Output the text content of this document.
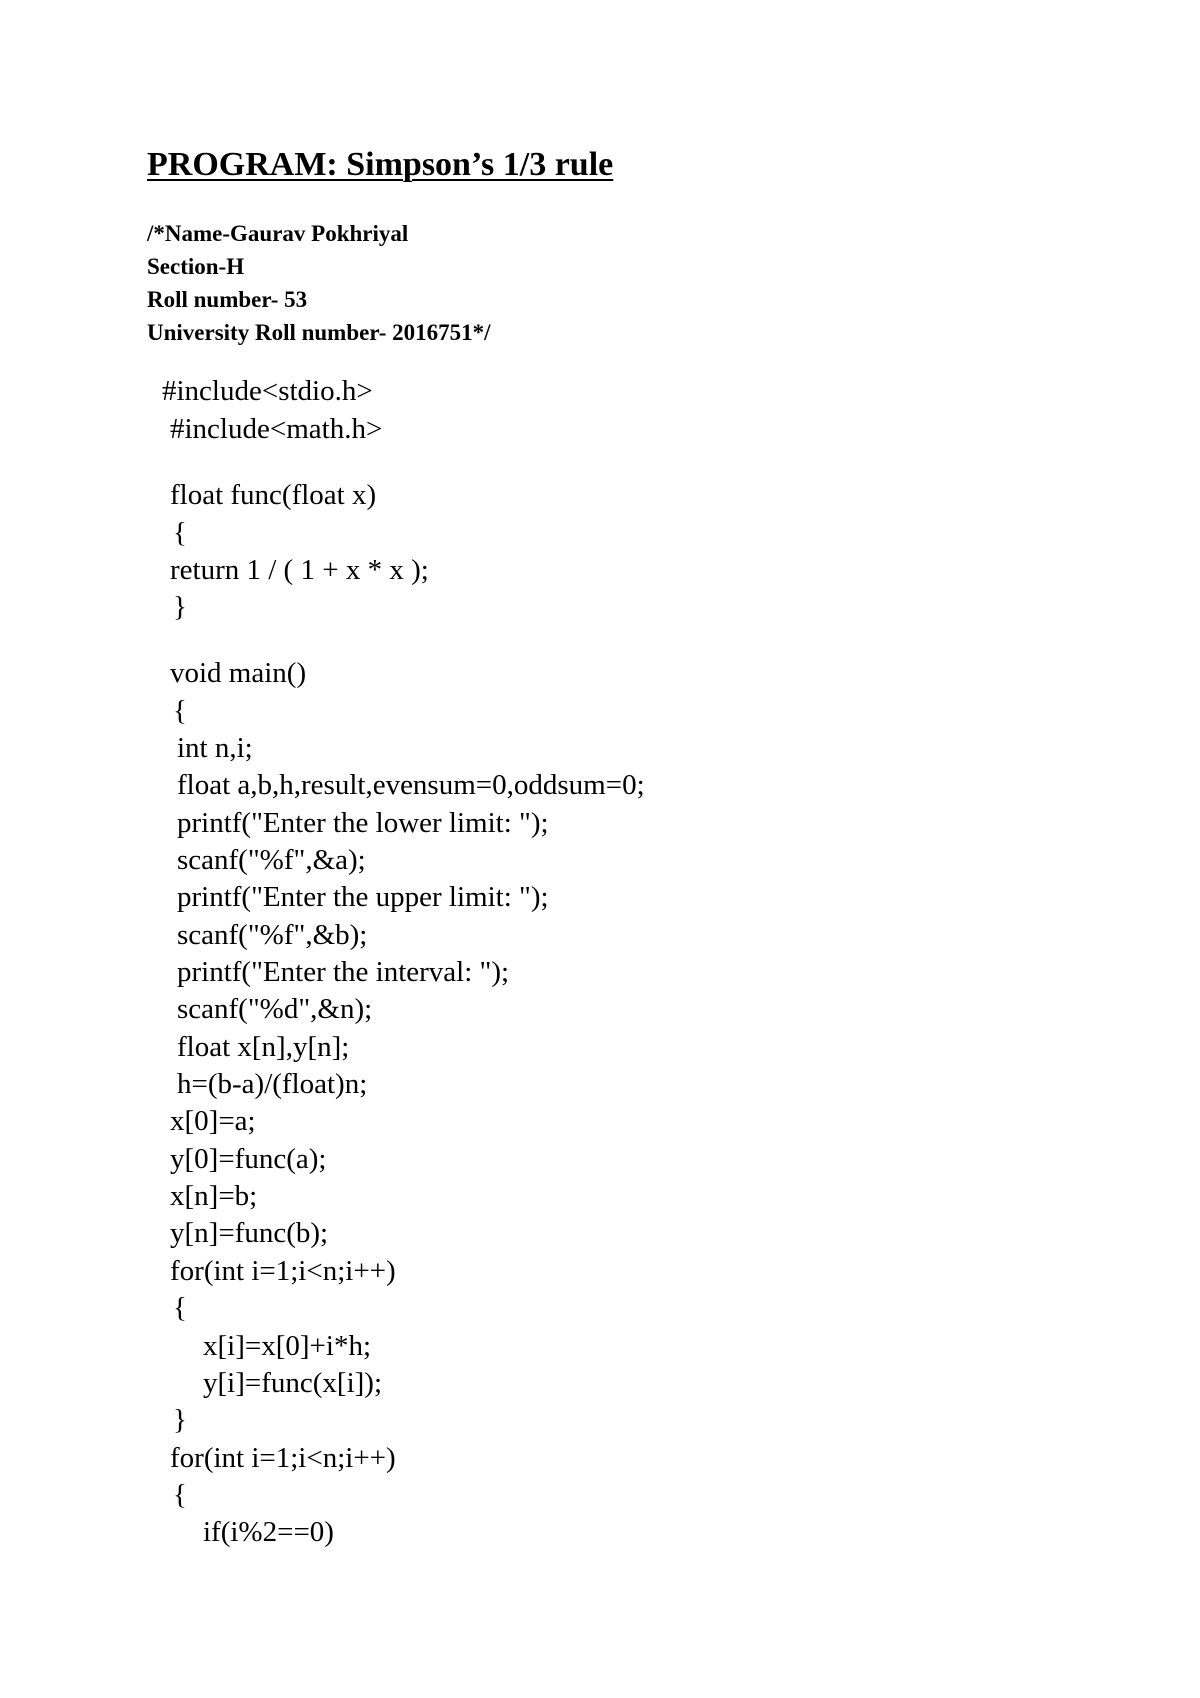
PROGRAM: Simpson’s 1/3 rule
/*Name-Gaurav Pokhriyal
Section-H
Roll number- 53
University Roll number- 2016751*/
#include<stdio.h>
#include<math.h>
float func(float x)
{
return 1 / ( 1 + x * x );
}
void main()
{
int n,i;
float a,b,h,result,evensum=0,oddsum=0;
printf("Enter the lower limit: ");
scanf("%f",&a);
printf("Enter the upper limit: ");
scanf("%f",&b);
printf("Enter the interval: ");
scanf("%d",&n);
float x[n],y[n];
h=(b-a)/(float)n;
x[0]=a;
y[0]=func(a);
x[n]=b;
y[n]=func(b);
for(int i=1;i<n;i++)
{
x[i]=x[0]+i*h;
y[i]=func(x[i]);
}
for(int i=1;i<n;i++)
{
if(i%2==0)
